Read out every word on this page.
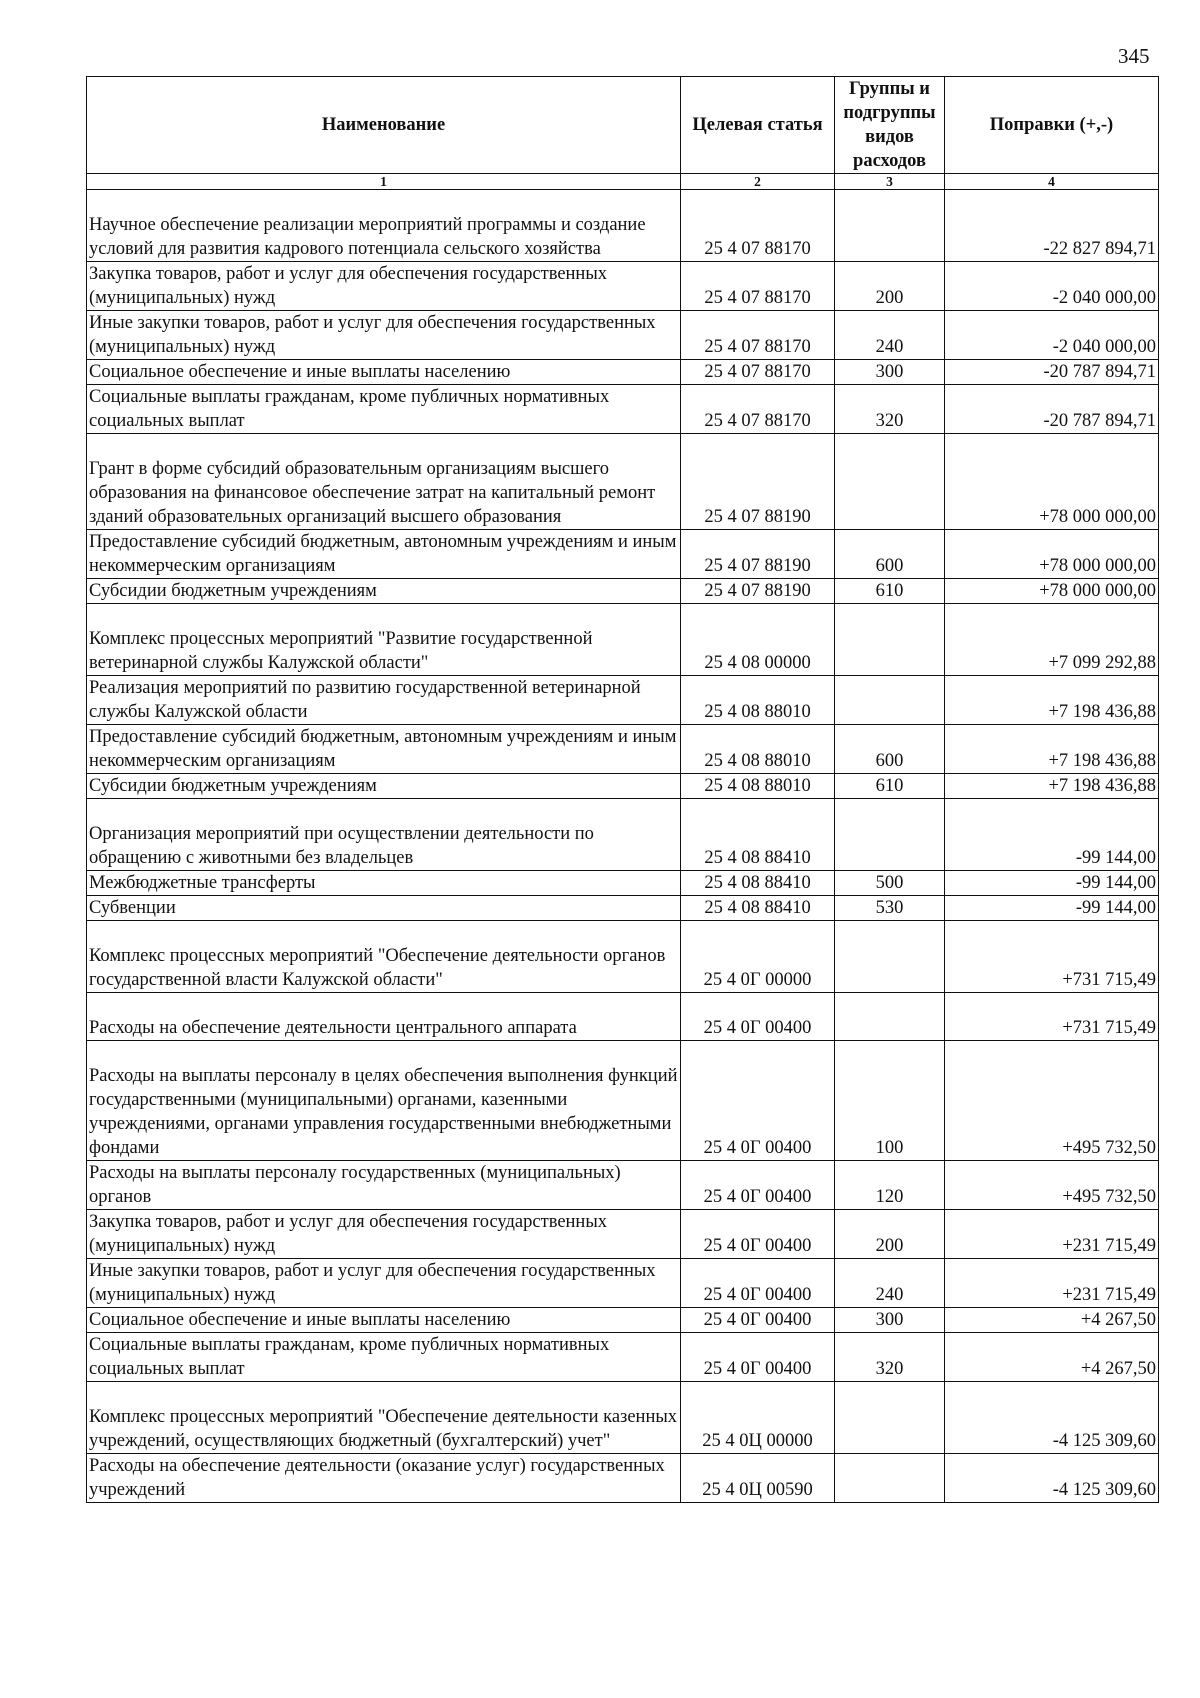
345
Наименование	Целевая статья	Группы и подгруппы видов расходов	Поправки (+,-)
1	2	3	4
Научное обеспечение реализации мероприятий программы и создание условий для развития кадрового потенциала сельского хозяйства	25 4 07 88170		-22 827 894,71
Закупка товаров, работ и услуг для обеспечения государственных (муниципальных) нужд	25 4 07 88170	200	-2 040 000,00
Иные закупки товаров, работ и услуг для обеспечения государственных (муниципальных) нужд	25 4 07 88170	240	-2 040 000,00
Социальное обеспечение и иные выплаты населению	25 4 07 88170	300	-20 787 894,71
Социальные выплаты гражданам, кроме публичных нормативных социальных выплат	25 4 07 88170	320	-20 787 894,71
Грант в форме субсидий образовательным организациям высшего образования на финансовое обеспечение затрат на капитальный ремонт зданий образовательных организаций высшего образования	25 4 07 88190		+78 000 000,00
Предоставление субсидий бюджетным, автономным учреждениям и иным некоммерческим организациям	25 4 07 88190	600	+78 000 000,00
Субсидии бюджетным учреждениям	25 4 07 88190	610	+78 000 000,00
Комплекс процессных мероприятий "Развитие государственной ветеринарной службы Калужской области"	25 4 08 00000		+7 099 292,88
Реализация мероприятий по развитию государственной ветеринарной службы Калужской области	25 4 08 88010		+7 198 436,88
Предоставление субсидий бюджетным, автономным учреждениям и иным некоммерческим организациям	25 4 08 88010	600	+7 198 436,88
Субсидии бюджетным учреждениям	25 4 08 88010	610	+7 198 436,88
Организация мероприятий при осуществлении деятельности по обращению с животными без владельцев	25 4 08 88410		-99 144,00
Межбюджетные трансферты	25 4 08 88410	500	-99 144,00
Субвенции	25 4 08 88410	530	-99 144,00
Комплекс процессных мероприятий "Обеспечение деятельности органов государственной власти Калужской области"	25 4 0Г 00000		+731 715,49
Расходы на обеспечение деятельности центрального аппарата	25 4 0Г 00400		+731 715,49
Расходы на выплаты персоналу в целях обеспечения выполнения функций государственными (муниципальными) органами, казенными учреждениями, органами управления государственными внебюджетными фондами	25 4 0Г 00400	100	+495 732,50
Расходы на выплаты персоналу государственных (муниципальных) органов	25 4 0Г 00400	120	+495 732,50
Закупка товаров, работ и услуг для обеспечения государственных (муниципальных) нужд	25 4 0Г 00400	200	+231 715,49
Иные закупки товаров, работ и услуг для обеспечения государственных (муниципальных) нужд	25 4 0Г 00400	240	+231 715,49
Социальное обеспечение и иные выплаты населению	25 4 0Г 00400	300	+4 267,50
Социальные выплаты гражданам, кроме публичных нормативных социальных выплат	25 4 0Г 00400	320	+4 267,50
Комплекс процессных мероприятий "Обеспечение деятельности казенных учреждений, осуществляющих бюджетный (бухгалтерский) учет"	25 4 0Ц 00000		-4 125 309,60
Расходы на обеспечение деятельности (оказание услуг) государственных учреждений	25 4 0Ц 00590		-4 125 309,60
